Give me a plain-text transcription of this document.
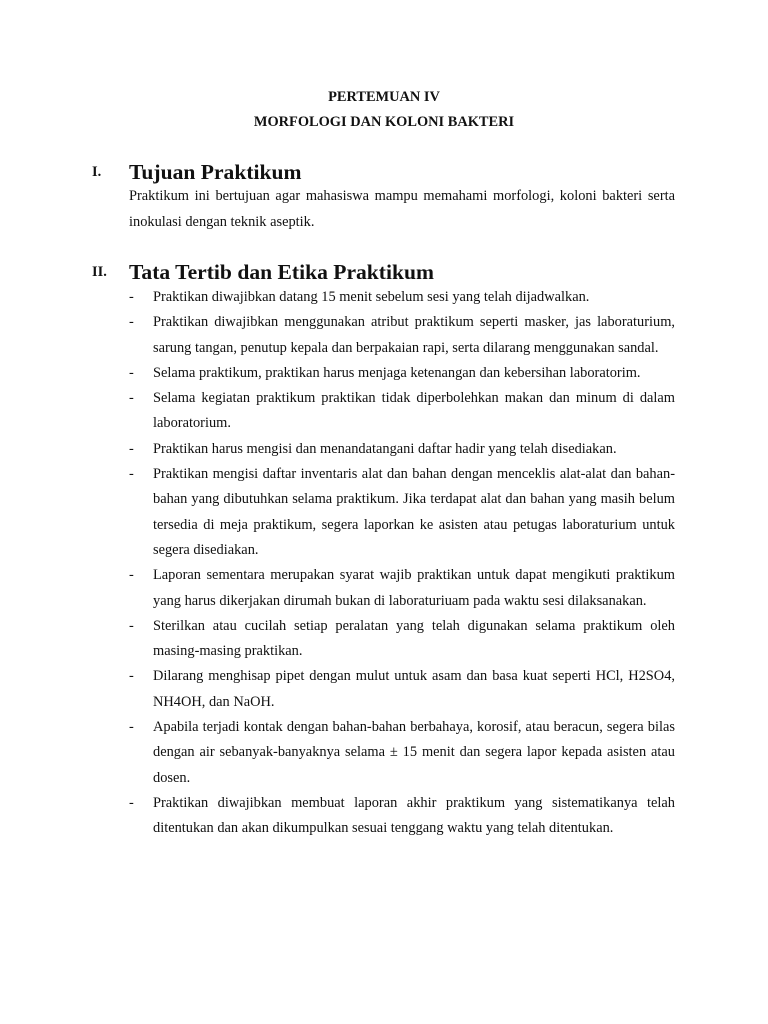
PERTEMUAN IV
MORFOLOGI DAN KOLONI BAKTERI
I. Tujuan Praktikum

Praktikum ini bertujuan agar mahasiswa mampu memahami morfologi, koloni bakteri serta inokulasi dengan teknik aseptik.

II. Tata Tertib dan Etika Praktikum
- Praktikan diwajibkan datang 15 menit sebelum sesi yang telah dijadwalkan.
- Praktikan diwajibkan menggunakan atribut praktikum seperti masker, jas laboraturium, sarung tangan, penutup kepala dan berpakaian rapi, serta dilarang menggunakan sandal.
- Selama praktikum, praktikan harus menjaga ketenangan dan kebersihan laboratorim.
- Selama kegiatan praktikum praktikan tidak diperbolehkan makan dan minum di dalam laboratorium.
- Praktikan harus mengisi dan menandatangani daftar hadir yang telah disediakan.
- Praktikan mengisi daftar inventaris alat dan bahan dengan menceklis alat-alat dan bahan-bahan yang dibutuhkan selama praktikum. Jika terdapat alat dan bahan yang masih belum tersedia di meja praktikum, segera laporkan ke asisten atau petugas laboraturium untuk segera disediakan.
- Laporan sementara merupakan syarat wajib praktikan untuk dapat mengikuti praktikum yang harus dikerjakan dirumah bukan di laboraturiuam pada waktu sesi dilaksanakan.
- Sterilkan atau cucilah setiap peralatan yang telah digunakan selama praktikum oleh masing-masing praktikan.
- Dilarang menghisap pipet dengan mulut untuk asam dan basa kuat seperti HCl, H2SO4, NH4OH, dan NaOH.
- Apabila terjadi kontak dengan bahan-bahan berbahaya, korosif, atau beracun, segera bilas dengan air sebanyak-banyaknya selama ± 15 menit dan segera lapor kepada asisten atau dosen.
- Praktikan diwajibkan membuat laporan akhir praktikum yang sistematikanya telah ditentukan dan akan dikumpulkan sesuai tenggang waktu yang telah ditentukan.
